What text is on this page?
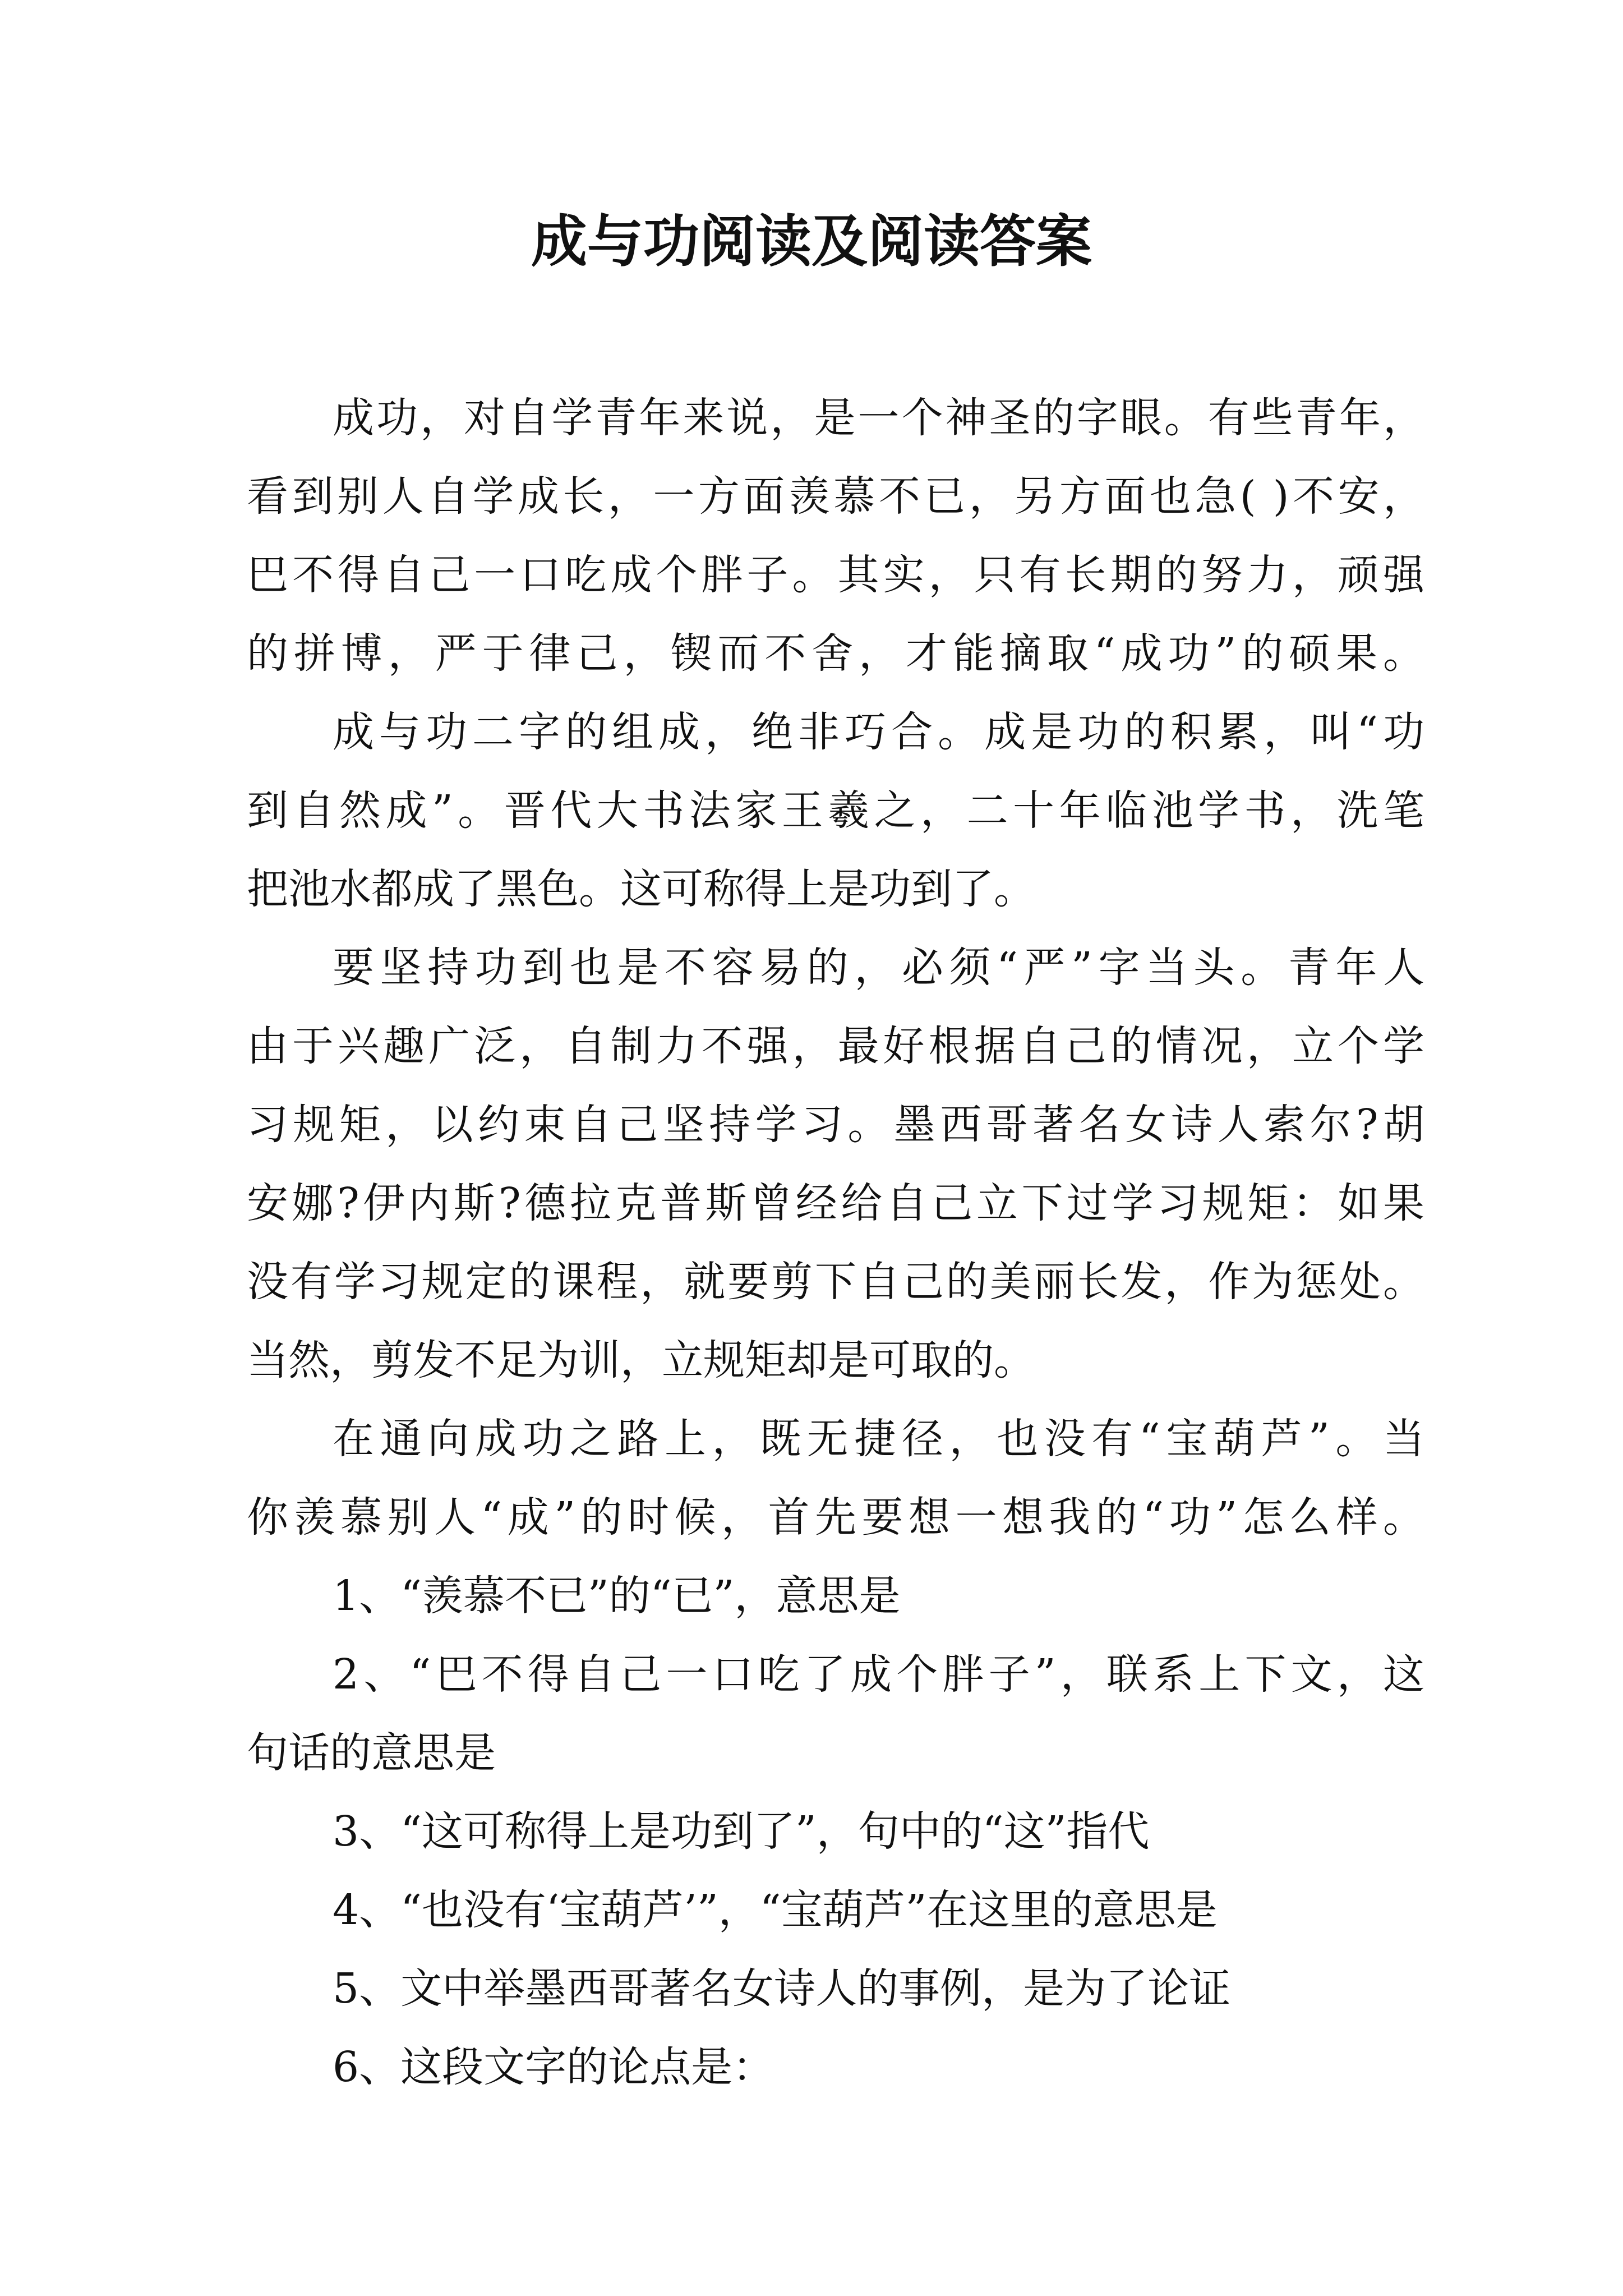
成与功阅读及阅读答案
成功，对自学青年来说，是一个神圣的字眼。有些青年，
看到别人自学成长，一方面羡慕不已，另方面也急( )不安，
巴不得自己一口吃成个胖子。其实，只有长期的努力，顽强
的拼博，严于律己，锲而不舍，才能摘取“成功”的硕果。
成与功二字的组成，绝非巧合。成是功的积累，叫“功
到自然成”。晋代大书法家王羲之，二十年临池学书，洗笔
把池水都成了黑色。这可称得上是功到了。
要坚持功到也是不容易的，必须“严”字当头。青年人
由于兴趣广泛，自制力不强，最好根据自己的情况，立个学
习规矩，以约束自己坚持学习。墨西哥著名女诗人索尔?胡
安娜?伊内斯?德拉克普斯曾经给自己立下过学习规矩：如果
没有学习规定的课程，就要剪下自己的美丽长发，作为惩处。
当然，剪发不足为训，立规矩却是可取的。
在通向成功之路上，既无捷径，也没有“宝葫芦”。当
你羡慕别人“成”的时候，首先要想一想我的“功”怎么样。
1、“羡慕不已”的“已”，意思是
2、“巴不得自己一口吃了成个胖子”，联系上下文，这
句话的意思是
3、“这可称得上是功到了”，句中的“这”指代
4、“也没有‘宝葫芦’”，“宝葫芦”在这里的意思是
5、文中举墨西哥著名女诗人的事例，是为了论证
6、这段文字的论点是：
